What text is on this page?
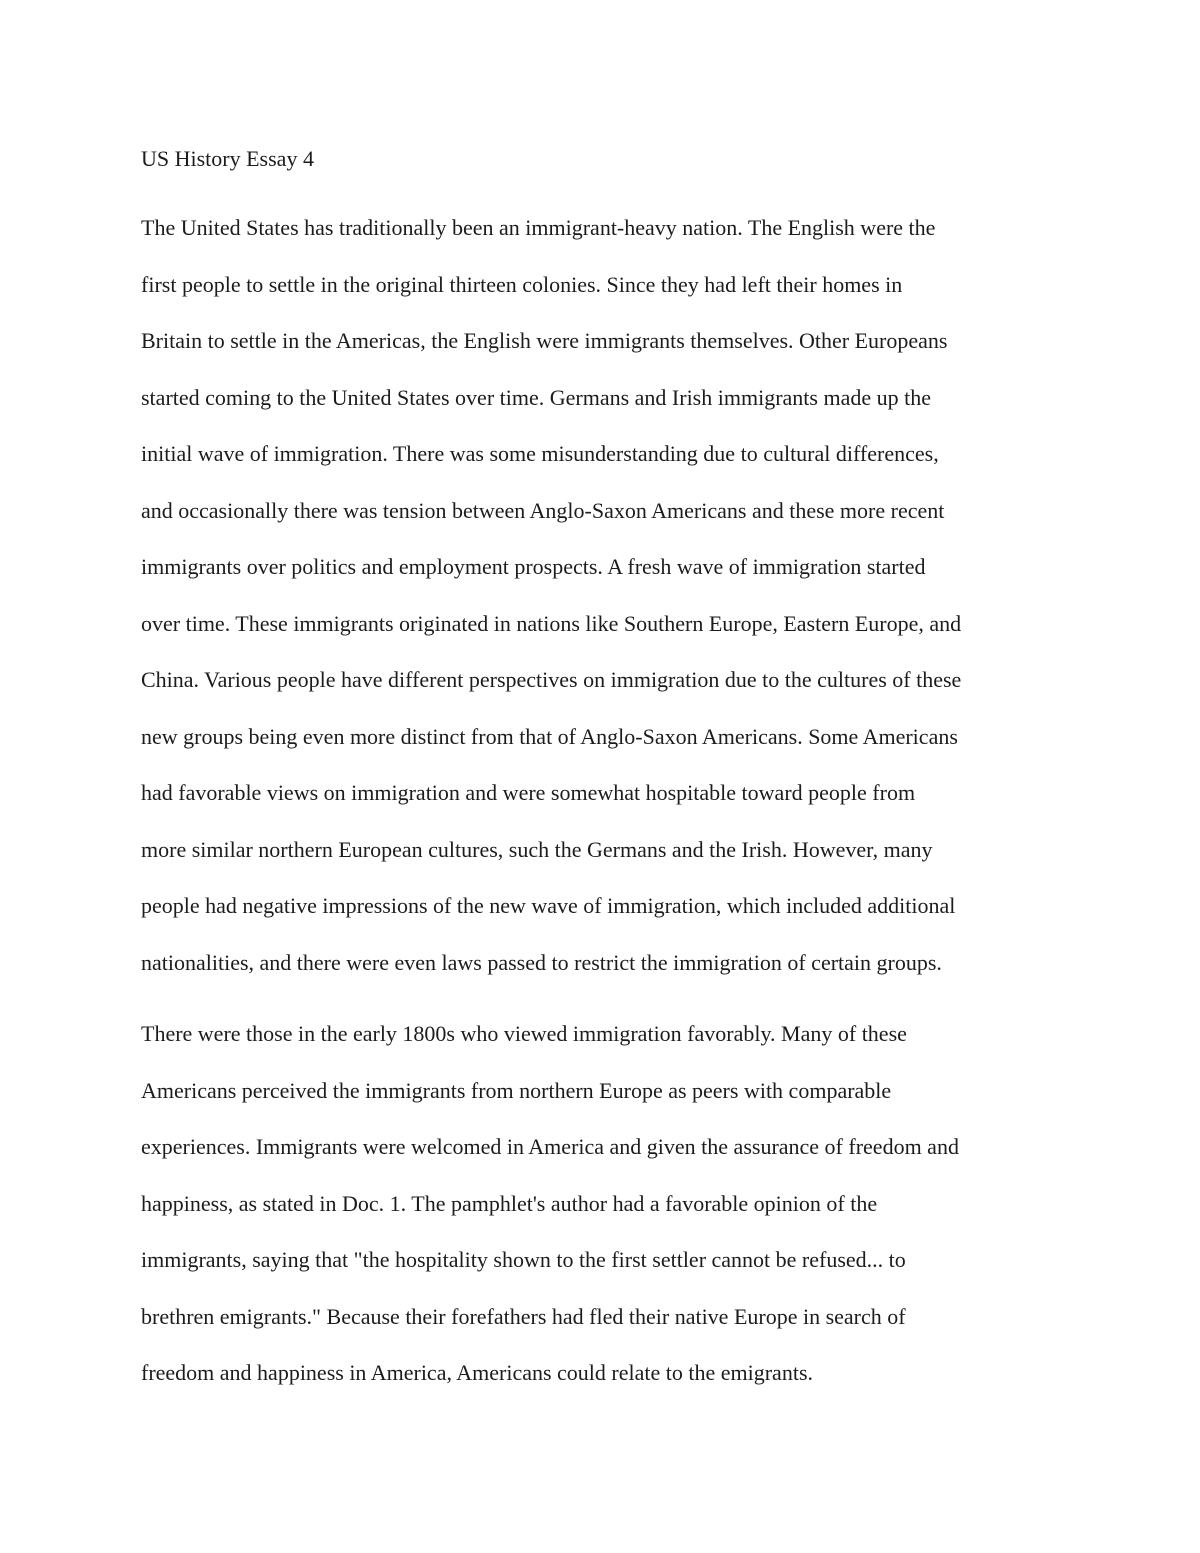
US History Essay 4
The United States has traditionally been an immigrant-heavy nation. The English were the
first people to settle in the original thirteen colonies. Since they had left their homes in
Britain to settle in the Americas, the English were immigrants themselves. Other Europeans
started coming to the United States over time. Germans and Irish immigrants made up the
initial wave of immigration. There was some misunderstanding due to cultural differences,
and occasionally there was tension between Anglo-Saxon Americans and these more recent
immigrants over politics and employment prospects. A fresh wave of immigration started
over time. These immigrants originated in nations like Southern Europe, Eastern Europe, and
China. Various people have different perspectives on immigration due to the cultures of these
new groups being even more distinct from that of Anglo-Saxon Americans. Some Americans
had favorable views on immigration and were somewhat hospitable toward people from
more similar northern European cultures, such the Germans and the Irish. However, many
people had negative impressions of the new wave of immigration, which included additional
nationalities, and there were even laws passed to restrict the immigration of certain groups.
There were those in the early 1800s who viewed immigration favorably. Many of these
Americans perceived the immigrants from northern Europe as peers with comparable
experiences. Immigrants were welcomed in America and given the assurance of freedom and
happiness, as stated in Doc. 1. The pamphlet's author had a favorable opinion of the
immigrants, saying that "the hospitality shown to the first settler cannot be refused... to
brethren emigrants." Because their forefathers had fled their native Europe in search of
freedom and happiness in America, Americans could relate to the emigrants.
